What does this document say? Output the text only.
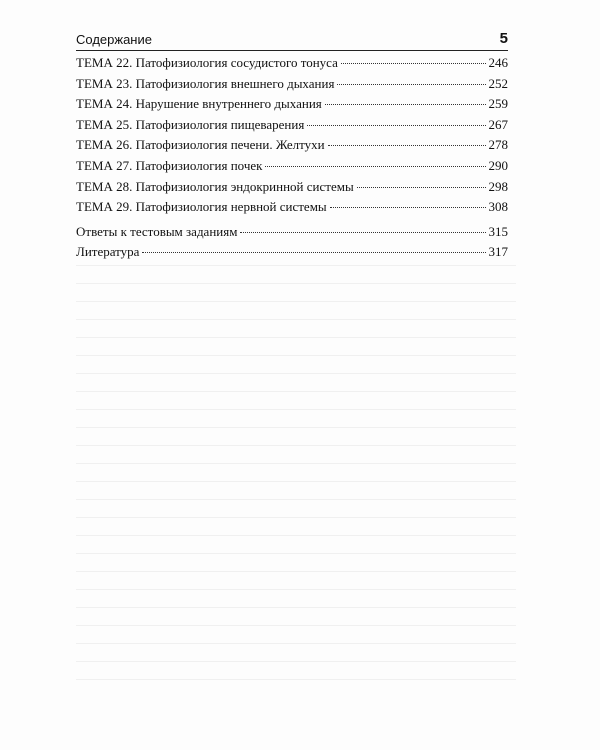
Содержание	5
ТЕМА 22. Патофизиология сосудистого тонуса	246
ТЕМА 23. Патофизиология внешнего дыхания	252
ТЕМА 24. Нарушение внутреннего дыхания	259
ТЕМА 25. Патофизиология пищеварения	267
ТЕМА 26. Патофизиология печени. Желтухи	278
ТЕМА 27. Патофизиология почек	290
ТЕМА 28. Патофизиология эндокринной системы	298
ТЕМА 29. Патофизиология нервной системы	308
Ответы к тестовым заданиям	315
Литература	317
